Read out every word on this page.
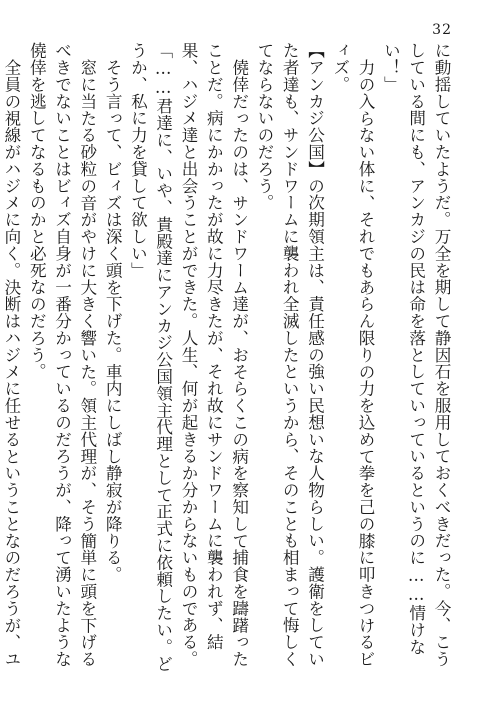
32

に動揺していたようだ。万全を期して静因石を服用しておくべきだった。今、こうしている間にも、アンカジの民は命を落としていっているというのに……情けない！」

力の入らない体に、それでもあらん限りの力を込めて拳を己の膝に叩きつけるビィズ。

【アンカジ公国】の次期領主は、責任感の強い民想いな人物らしい。護衛をしていた者達も、サンドワームに襲われ全滅したというから、そのことも相まって悔しくてならないのだろう。

僥倖だったのは、サンドワーム達が、おそらくこの病を察知して捕食を躊躇ったことだ。病にかかったが故に力尽きたが、それ故にサンドワームに襲われず、結果、ハジメ達と出会うことができた。人生、何が起きるか分からないものである。

「……君達に、いや、貴殿達にアンカジ公国領主代理として正式に依頼したい。どうか、私に力を貸して欲しい」

そう言って、ビィズは深く頭を下げた。車内にしばし静寂が降りる。

窓に当たる砂粒の音がやけに大きく響いた。領主代理が、そう簡単に頭を下げるべきでないことはビィズ自身が一番分かっているのだろうが、降って湧いたような僥倖を逃してなるものかと必死なのだろう。

全員の視線がハジメに向く。決断はハジメに任せるということなのだろうが、ユ
